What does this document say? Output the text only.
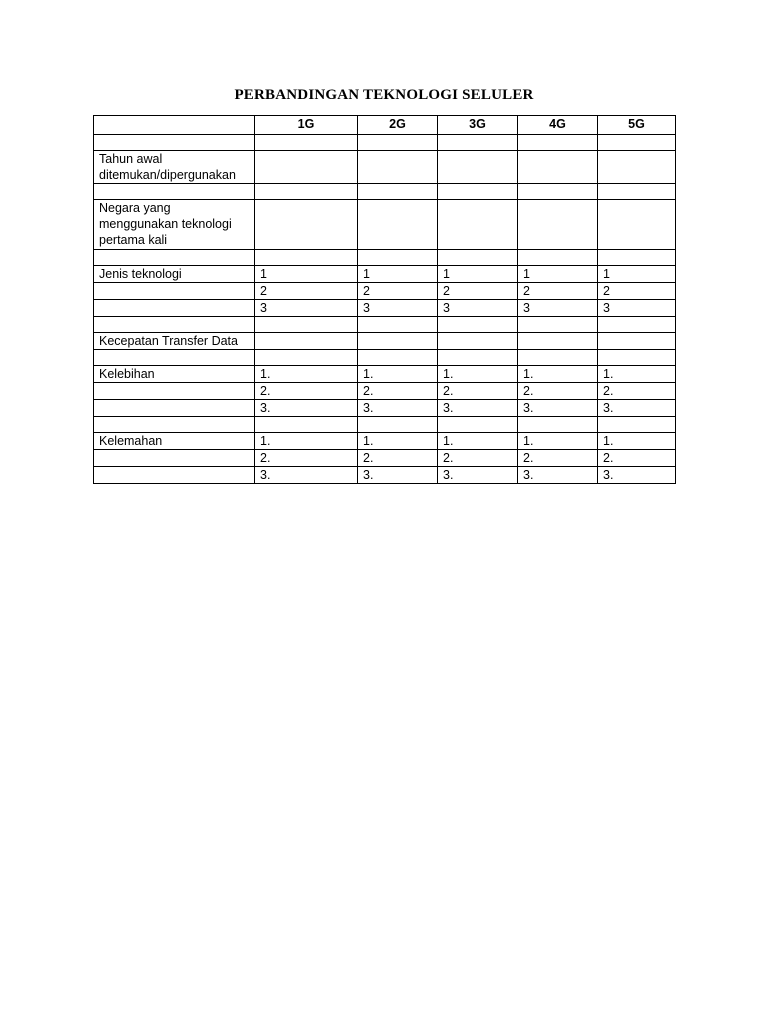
PERBANDINGAN TEKNOLOGI SELULER
	1G	2G	3G	4G	5G

Tahun awal ditemukan/dipergunakan					

Negara yang menggunakan teknologi pertama kali					

Jenis teknologi	1	1	1	1	1
	2	2	2	2	2
	3	3	3	3	3

Kecepatan Transfer Data					

Kelebihan	1.	1.	1.	1.	1.
	2.	2.	2.	2.	2.
	3.	3.	3.	3.	3.

Kelemahan	1.	1.	1.	1.	1.
	2.	2.	2.	2.	2.
	3.	3.	3.	3.	3.
